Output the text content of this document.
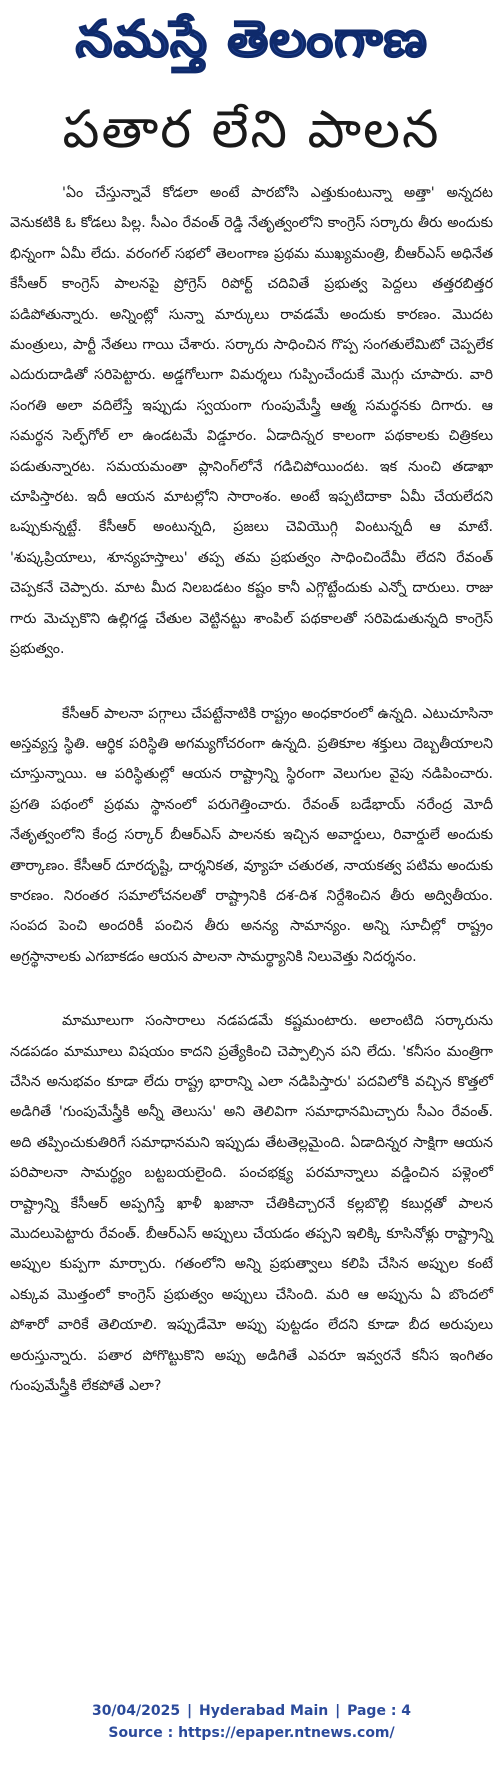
నమస్తే తెలంగాణ
పతార లేని పాలన

'ఏం చేస్తున్నావే కోడలా అంటే పారబోసి ఎత్తుకుంటున్నా అత్తా' అన్నదట వెనుకటికి ఓ కోడలు పిల్ల. సీఎం రేవంత్ రెడ్డి నేతృత్వంలోని కాంగ్రెస్ సర్కారు తీరు అందుకు భిన్నంగా ఏమీ లేదు. వరంగల్ సభలో తెలంగాణ ప్రథమ ముఖ్యమంత్రి, బీఆర్ఎస్ అధినేత కేసీఆర్ కాంగ్రెస్ పాలనపై ప్రోగ్రెస్ రిపోర్ట్ చదివితే ప్రభుత్వ పెద్దలు తత్తరబిత్తర పడిపోతున్నారు. అన్నింట్లో సున్నా మార్కులు రావడమే అందుకు కారణం. మొదట మంత్రులు, పార్టీ నేతలు గాయి చేశారు. సర్కారు సాధించిన గొప్ప సంగతులేమిటో చెప్పలేక ఎదురుదాడితో సరిపెట్టారు. అడ్డగోలుగా విమర్శలు గుప్పించేందుకే మొగ్గు చూపారు. వారి సంగతి అలా వదిలేస్తే ఇప్పుడు స్వయంగా గుంపుమేస్త్రీ ఆత్మ సమర్థనకు దిగారు. ఆ సమర్థన సెల్ఫ్‌గోల్ లా ఉండటమే విడ్డూరం. ఏడాదిన్నర కాలంగా పథకాలకు చిత్రికలు పడుతున్నారట. సమయమంతా ప్లానింగ్‌లోనే గడిచిపోయిందట. ఇక నుంచి తడాఖా చూపిస్తారట. ఇదీ ఆయన మాటల్లోని సారాంశం. అంటే ఇప్పటిదాకా ఏమీ చేయలేదని ఒప్పుకున్నట్టే. కేసీఆర్ అంటున్నది, ప్రజలు చెవియొగ్గి వింటున్నదీ ఆ మాటే. 'శుష్కప్రియాలు, శూన్యహస్తాలు' తప్ప తమ ప్రభుత్వం సాధించిందేమీ లేదని రేవంత్ చెప్పకనే చెప్పారు. మాట మీద నిలబడటం కష్టం కానీ ఎగ్గొట్టేందుకు ఎన్నో దారులు. రాజు గారు మెచ్చుకొని ఉల్లిగడ్డ చేతుల వెట్టినట్టు శాంపిల్ పథకాలతో సరిపెడుతున్నది కాంగ్రెస్ ప్రభుత్వం.

కేసీఆర్ పాలనా పగ్గాలు చేపట్టేనాటికి రాష్ట్రం అంధకారంలో ఉన్నది. ఎటుచూసినా అస్తవ్యస్త స్థితి. ఆర్థిక పరిస్థితి అగమ్యగోచరంగా ఉన్నది. ప్రతికూల శక్తులు దెబ్బతీయాలని చూస్తున్నాయి. ఆ పరిస్థితుల్లో ఆయన రాష్ట్రాన్ని స్థిరంగా వెలుగుల వైపు నడిపించారు. ప్రగతి పథంలో ప్రథమ స్థానంలో పరుగెత్తించారు. రేవంత్ బడేభాయ్ నరేంద్ర మోదీ నేతృత్వంలోని కేంద్ర సర్కార్ బీఆర్ఎస్ పాలనకు ఇచ్చిన అవార్డులు, రివార్డులే అందుకు తార్కాణం. కేసీఆర్ దూరదృష్టి, దార్శనికత, వ్యూహ చతురత, నాయకత్వ పటిమ అందుకు కారణం. నిరంతర సమాలోచనలతో రాష్ట్రానికి దశ-దిశ నిర్దేశించిన తీరు అద్వితీయం. సంపద పెంచి అందరికీ పంచిన తీరు అనన్య సామాన్యం. అన్ని సూచీల్లో రాష్ట్రం అగ్రస్థానాలకు ఎగబాకడం ఆయన పాలనా సామర్థ్యానికి నిలువెత్తు నిదర్శనం.

మామూలుగా సంసారాలు నడపడమే కష్టమంటారు. అలాంటిది సర్కారును నడపడం మామూలు విషయం కాదని ప్రత్యేకించి చెప్పాల్సిన పని లేదు. 'కనీసం మంత్రిగా చేసిన అనుభవం కూడా లేదు రాష్ట్ర భారాన్ని ఎలా నడిపిస్తారు' పదవిలోకి వచ్చిన కొత్తలో అడిగితే 'గుంపుమేస్త్రీకి అన్నీ తెలుసు' అని తెలివిగా సమాధానమిచ్చారు సీఎం రేవంత్. అది తప్పించుకుతిరిగే సమాధానమని ఇప్పుడు తేటతెల్లమైంది. ఏడాదిన్నర సాక్షిగా ఆయన పరిపాలనా సామర్థ్యం బట్టబయలైంది. పంచభక్ష్య పరమాన్నాలు వడ్డించిన పళ్లెంలో రాష్ట్రాన్ని కేసీఆర్ అప్పగిస్తే ఖాళీ ఖజానా చేతికిచ్చారనే కల్లబొల్లి కబుర్లతో పాలన మొదలుపెట్టారు రేవంత్. బీఆర్ఎస్ అప్పులు చేయడం తప్పని ఇలిక్కి కూసినోళ్లు రాష్ట్రాన్ని అప్పుల కుప్పగా మార్చారు. గతంలోని అన్ని ప్రభుత్వాలు కలిపి చేసిన అప్పుల కంటే ఎక్కువ మొత్తంలో కాంగ్రెస్ ప్రభుత్వం అప్పులు చేసింది. మరి ఆ అప్పును ఏ బొందలో పోశారో వారికే తెలియాలి. ఇప్పుడేమో అప్పు పుట్టడం లేదని కూడా బీద అరుపులు అరుస్తున్నారు. పతార పోగొట్టుకొని అప్పు అడిగితే ఎవరూ ఇవ్వరనే కనీస ఇంగితం గుంపుమేస్త్రీకి లేకపోతే ఎలా?

30/04/2025 | Hyderabad Main | Page : 4
Source : https://epaper.ntnews.com/
